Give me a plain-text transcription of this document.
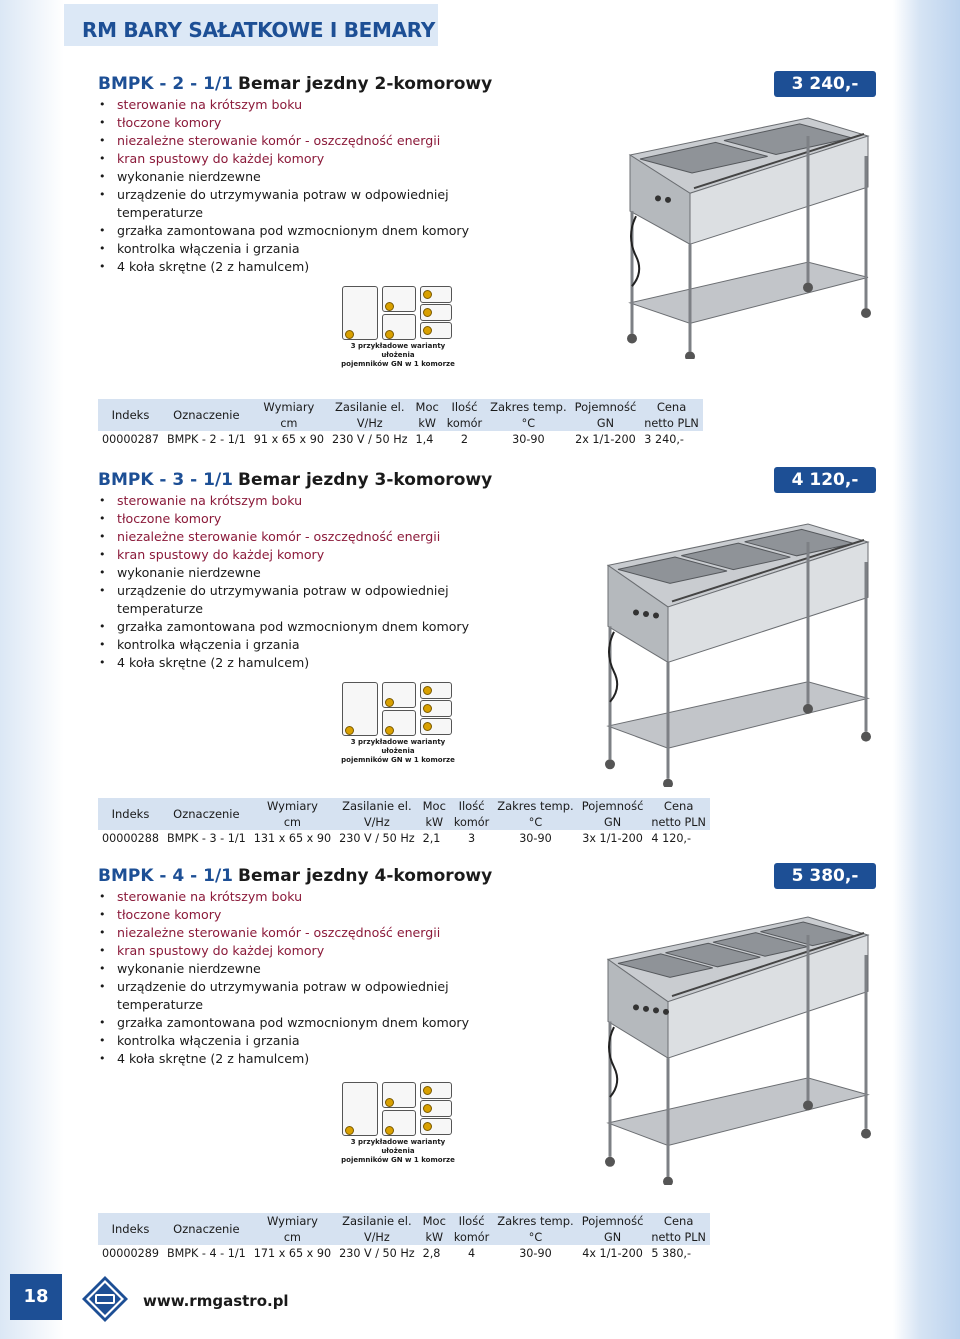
RM BARY SAŁATKOWE I BEMARY
BMPK - 2 - 1/1 Bemar jezdny 2-komorowy	3 240,-
• sterowanie na krótszym boku
• tłoczone komory
• niezależne sterowanie komór - oszczędność energii
• kran spustowy do każdej komory
• wykonanie nierdzewne
• urządzenie do utrzymywania potraw w odpowiedniej temperaturze
• grzałka zamontowana pod wzmocnionym dnem komory
• kontrolka włączenia i grzania
• 4 koła skrętne (2 z hamulcem)
3 przykładowe warianty ułożenia
pojemników GN w 1 komorze
Indeks	Oznaczenie	Wymiary	Zasilanie el.	Moc	Ilość	Zakres temp.	Pojemność	Cena
		cm	V/Hz	kW	komór	°C	GN	netto PLN
00000287	BMPK - 2 - 1/1	91 x 65 x 90	230 V / 50 Hz	1,4	2	30-90	2x 1/1-200	3 240,-
BMPK - 3 - 1/1 Bemar jezdny 3-komorowy	4 120,-
• sterowanie na krótszym boku
• tłoczone komory
• niezależne sterowanie komór - oszczędność energii
• kran spustowy do każdej komory
• wykonanie nierdzewne
• urządzenie do utrzymywania potraw w odpowiedniej temperaturze
• grzałka zamontowana pod wzmocnionym dnem komory
• kontrolka włączenia i grzania
• 4 koła skrętne (2 z hamulcem)
3 przykładowe warianty ułożenia
pojemników GN w 1 komorze
Indeks	Oznaczenie	Wymiary	Zasilanie el.	Moc	Ilość	Zakres temp.	Pojemność	Cena
		cm	V/Hz	kW	komór	°C	GN	netto PLN
00000288	BMPK - 3 - 1/1	131 x 65 x 90	230 V / 50 Hz	2,1	3	30-90	3x 1/1-200	4 120,-
BMPK - 4 - 1/1 Bemar jezdny 4-komorowy	5 380,-
• sterowanie na krótszym boku
• tłoczone komory
• niezależne sterowanie komór - oszczędność energii
• kran spustowy do każdej komory
• wykonanie nierdzewne
• urządzenie do utrzymywania potraw w odpowiedniej temperaturze
• grzałka zamontowana pod wzmocnionym dnem komory
• kontrolka włączenia i grzania
• 4 koła skrętne (2 z hamulcem)
3 przykładowe warianty ułożenia
pojemników GN w 1 komorze
Indeks	Oznaczenie	Wymiary	Zasilanie el.	Moc	Ilość	Zakres temp.	Pojemność	Cena
		cm	V/Hz	kW	komór	°C	GN	netto PLN
00000289	BMPK - 4 - 1/1	171 x 65 x 90	230 V / 50 Hz	2,8	4	30-90	4x 1/1-200	5 380,-
18	www.rmgastro.pl
